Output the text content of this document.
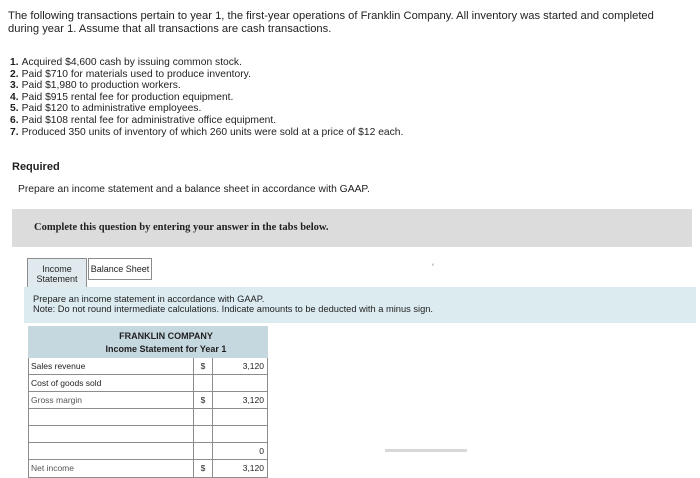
The following transactions pertain to year 1, the first-year operations of Franklin Company. All inventory was started and completed
during year 1. Assume that all transactions are cash transactions.
1. Acquired $4,600 cash by issuing common stock.
2. Paid $710 for materials used to produce inventory.
3. Paid $1,980 to production workers.
4. Paid $915 rental fee for production equipment.
5. Paid $120 to administrative employees.
6. Paid $108 rental fee for administrative office equipment.
7. Produced 350 units of inventory of which 260 units were sold at a price of $12 each.
Required
Prepare an income statement and a balance sheet in accordance with GAAP.
Complete this question by entering your answer in the tabs below.
Income
Statement
Balance Sheet	ʻ
Prepare an income statement in accordance with GAAP.
Note: Do not round intermediate calculations. Indicate amounts to be deducted with a minus sign.
FRANKLIN COMPANY
Income Statement for Year 1
Sales revenue	$	3,120
Cost of goods sold
Gross margin	$	3,120
0
Net income	$	3,120
